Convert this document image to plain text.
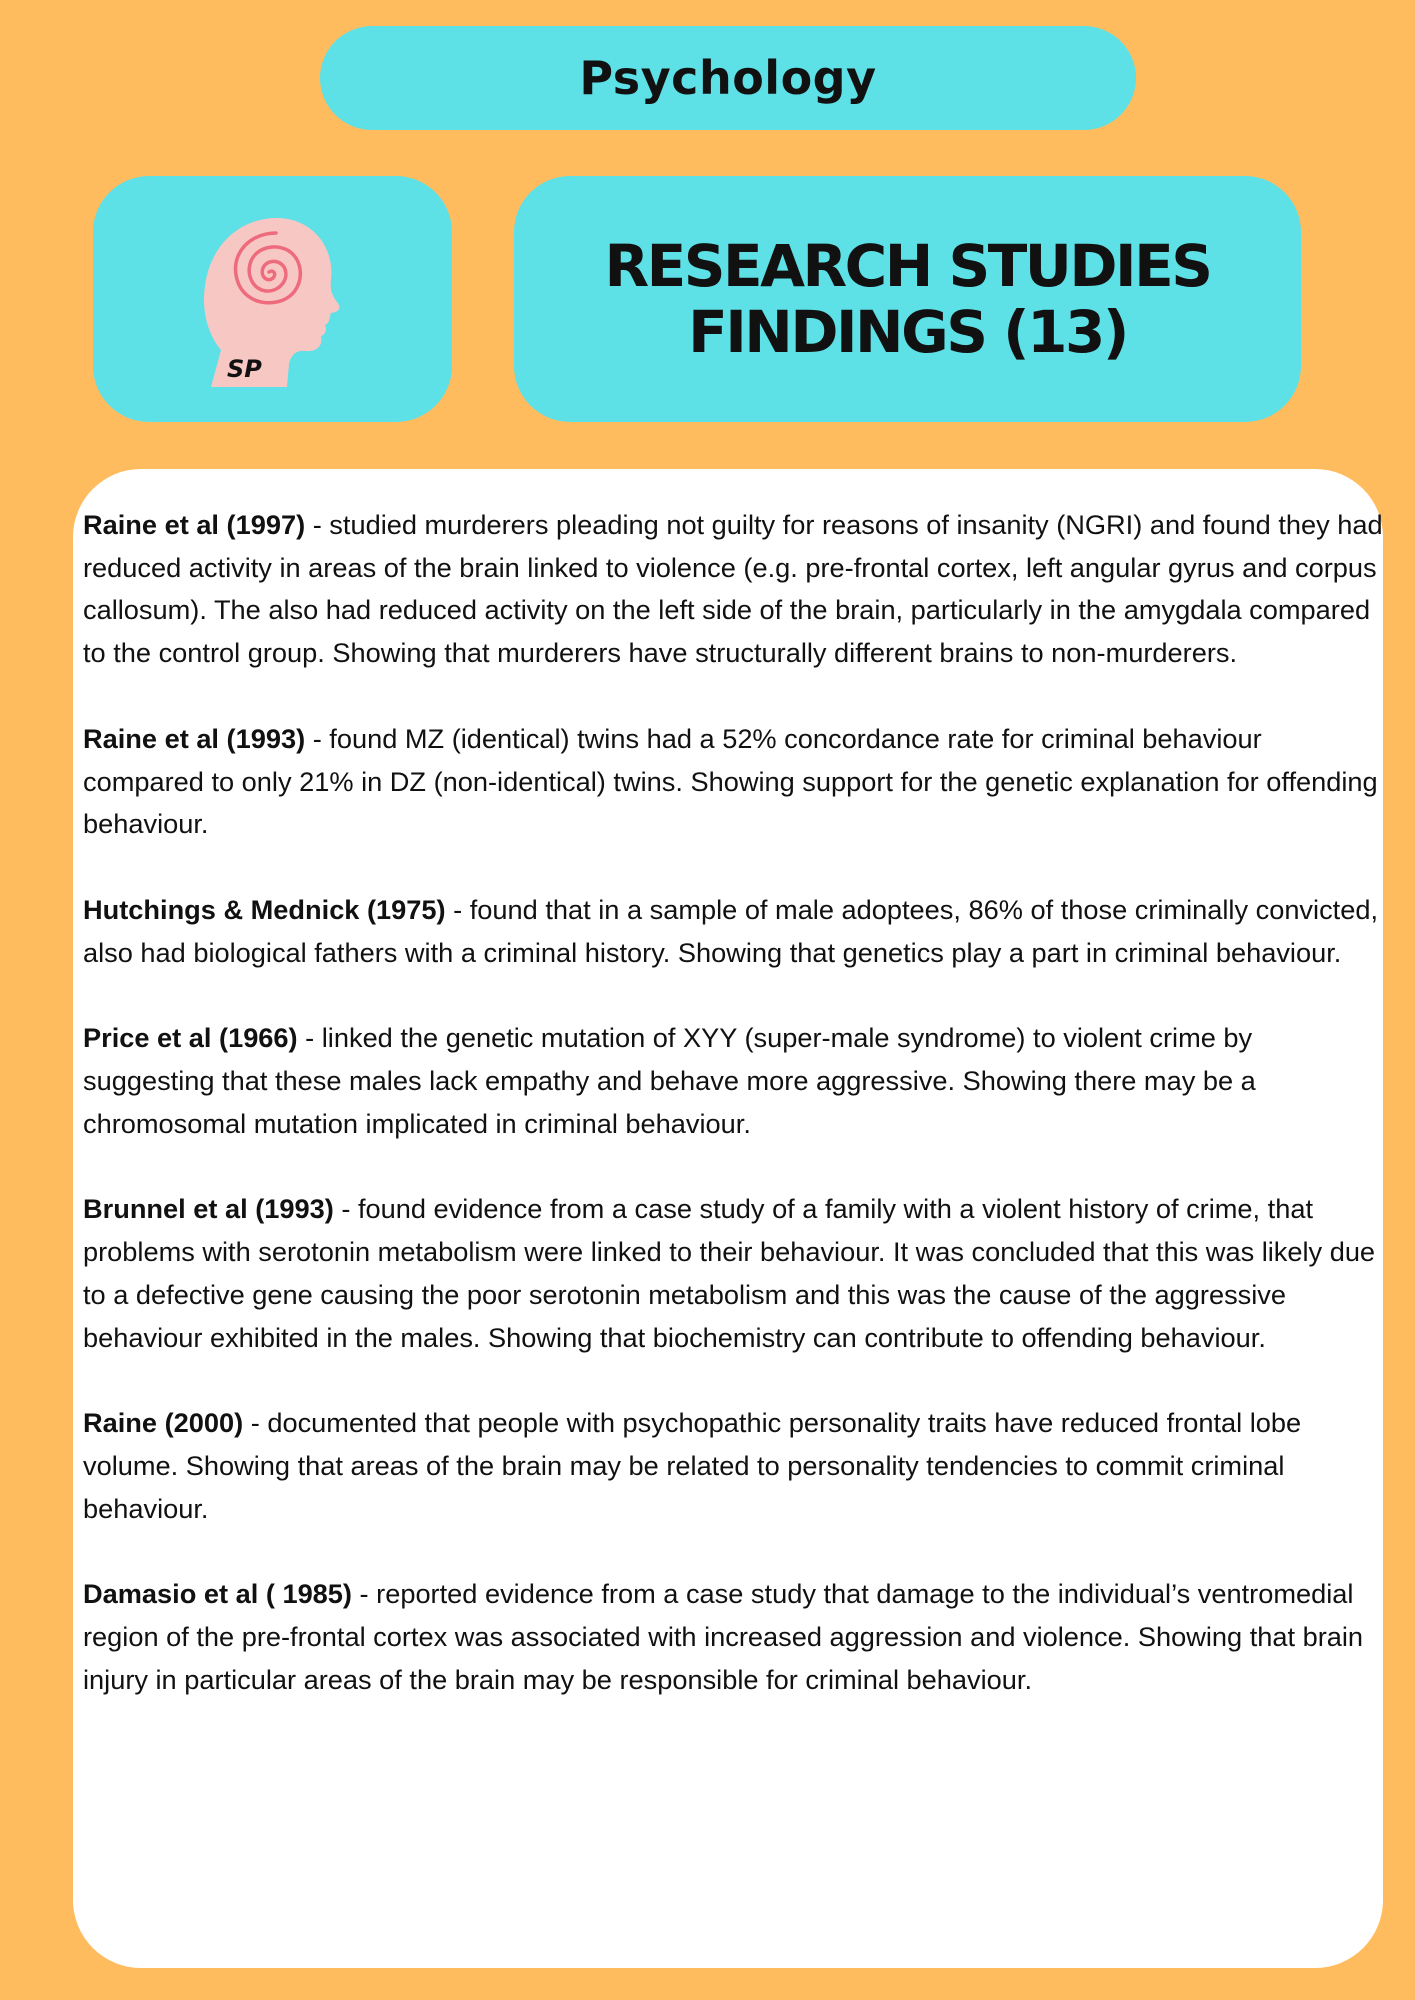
Psychology
SP
RESEARCH STUDIES
FINDINGS (13)

Raine et al (1997) - studied murderers pleading not guilty for reasons of insanity (NGRI) and found they had reduced activity in areas of the brain linked to violence (e.g. pre-frontal cortex, left angular gyrus and corpus callosum). The also had reduced activity on the left side of the brain, particularly in the amygdala compared to the control group. Showing that murderers have structurally different brains to non-murderers.

Raine et al (1993) - found MZ (identical) twins had a 52% concordance rate for criminal behaviour compared to only 21% in DZ (non-identical) twins. Showing support for the genetic explanation for offending behaviour.

Hutchings & Mednick (1975) - found that in a sample of male adoptees, 86% of those criminally convicted, also had biological fathers with a criminal history. Showing that genetics play a part in criminal behaviour.

Price et al (1966) - linked the genetic mutation of XYY (super-male syndrome) to violent crime by suggesting that these males lack empathy and behave more aggressive. Showing there may be a chromosomal mutation implicated in criminal behaviour.

Brunnel et al (1993) - found evidence from a case study of a family with a violent history of crime, that problems with serotonin metabolism were linked to their behaviour. It was concluded that this was likely due to a defective gene causing the poor serotonin metabolism and this was the cause of the aggressive behaviour exhibited in the males. Showing that biochemistry can contribute to offending behaviour.

Raine (2000) - documented that people with psychopathic personality traits have reduced frontal lobe volume. Showing that areas of the brain may be related to personality tendencies to commit criminal behaviour.

Damasio et al ( 1985) - reported evidence from a case study that damage to the individual’s ventromedial region of the pre-frontal cortex was associated with increased aggression and violence. Showing that brain injury in particular areas of the brain may be responsible for criminal behaviour.
